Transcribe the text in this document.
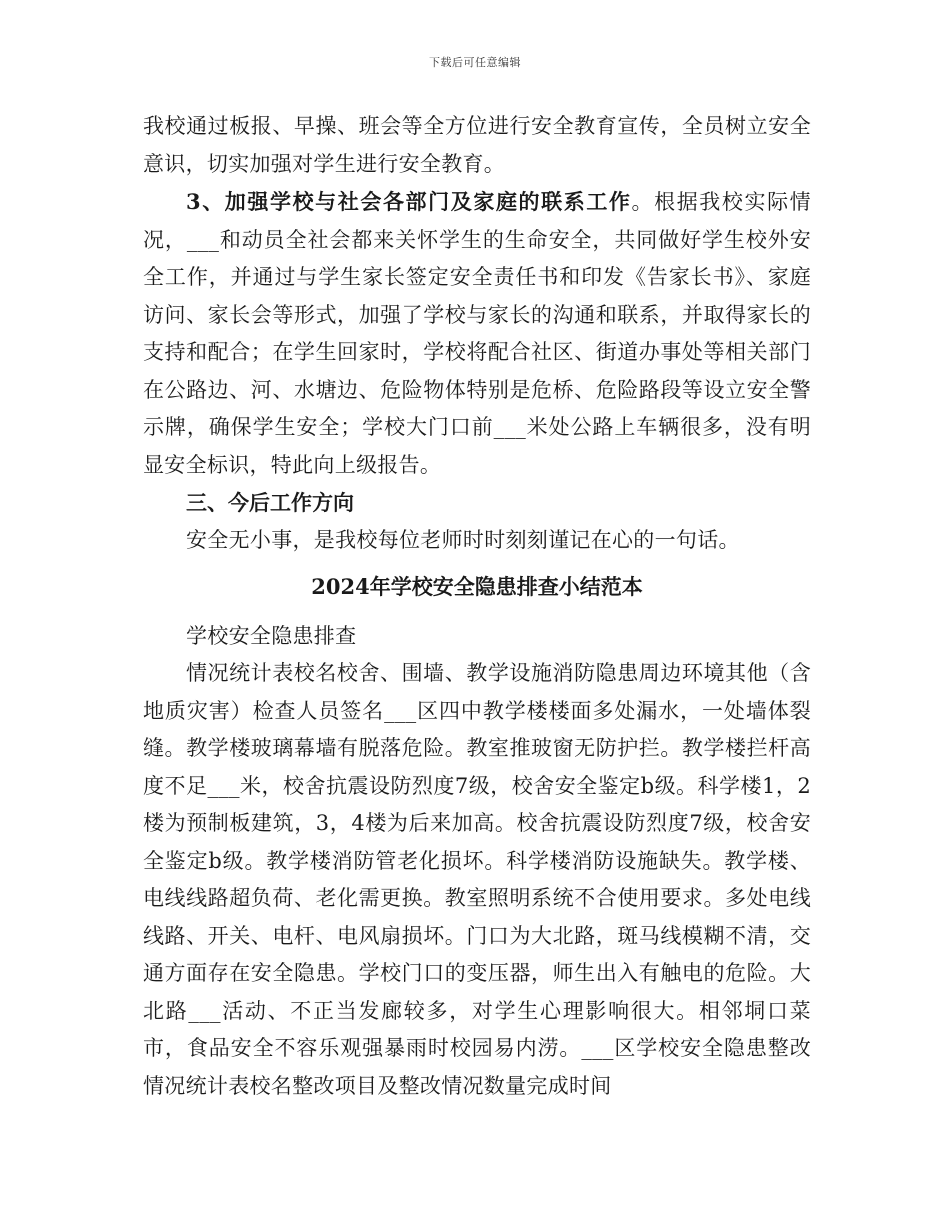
下载后可任意编辑

我校通过板报、早操、班会等全方位进行安全教育宣传，全员树立安全意识，切实加强对学生进行安全教育。

3、加强学校与社会各部门及家庭的联系工作。根据我校实际情况，___和动员全社会都来关怀学生的生命安全，共同做好学生校外安全工作，并通过与学生家长签定安全责任书和印发《告家长书》、家庭访问、家长会等形式，加强了学校与家长的沟通和联系，并取得家长的支持和配合；在学生回家时，学校将配合社区、街道办事处等相关部门在公路边、河、水塘边、危险物体特别是危桥、危险路段等设立安全警示牌，确保学生安全；学校大门口前___米处公路上车辆很多，没有明显安全标识，特此向上级报告。

三、今后工作方向

安全无小事，是我校每位老师时时刻刻谨记在心的一句话。

2024年学校安全隐患排查小结范本

学校安全隐患排查

情况统计表校名校舍、围墙、教学设施消防隐患周边环境其他（含地质灾害）检查人员签名___区四中教学楼楼面多处漏水，一处墙体裂缝。教学楼玻璃幕墙有脱落危险。教室推玻窗无防护拦。教学楼拦杆高度不足___米，校舍抗震设防烈度7级，校舍安全鉴定b级。科学楼1，2楼为预制板建筑，3，4楼为后来加高。校舍抗震设防烈度7级，校舍安全鉴定b级。教学楼消防管老化损坏。科学楼消防设施缺失。教学楼、电线线路超负荷、老化需更换。教室照明系统不合使用要求。多处电线线路、开关、电杆、电风扇损坏。门口为大北路，斑马线模糊不清，交通方面存在安全隐患。学校门口的变压器，师生出入有触电的危险。大北路___活动、不正当发廊较多，对学生心理影响很大。相邻垌口菜市，食品安全不容乐观强暴雨时校园易内涝。___区学校安全隐患整改情况统计表校名整改项目及整改情况数量完成时间
